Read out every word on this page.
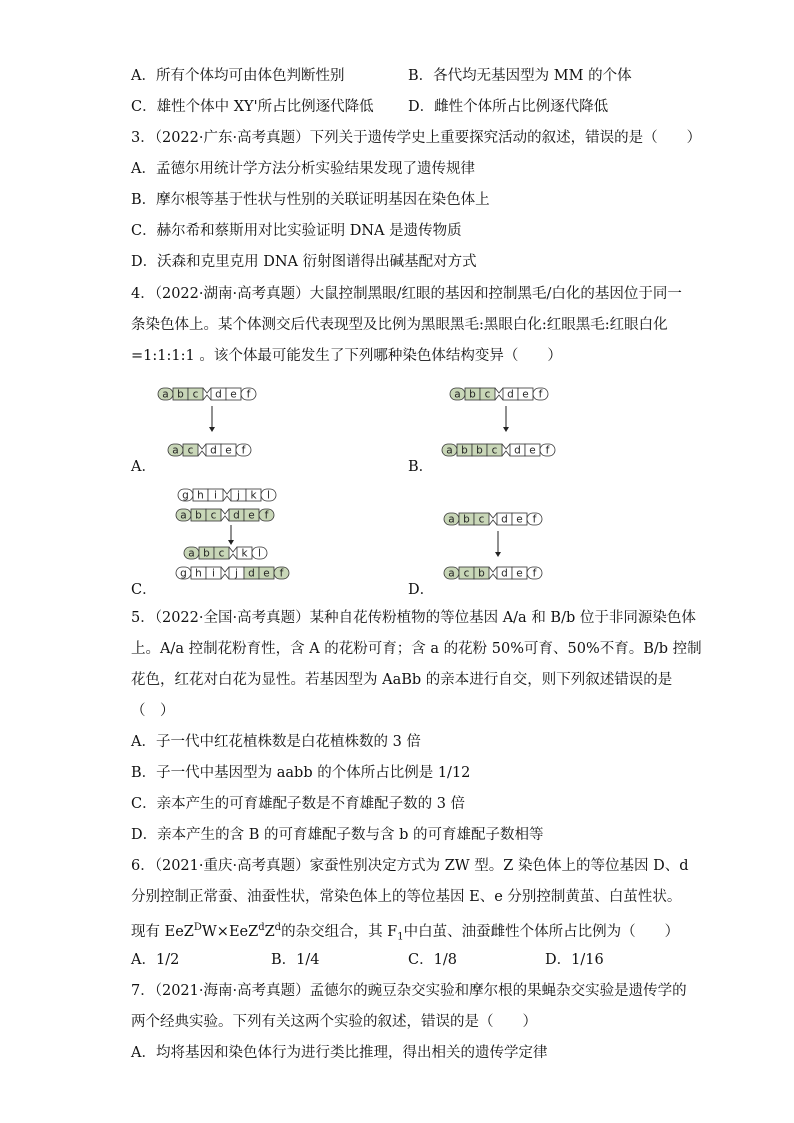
A．所有个体均可由体色判断性别	B．各代均无基因型为 MM 的个体
C．雄性个体中 XY'所占比例逐代降低 D．雌性个体所占比例逐代降低
3．（2022·广东·高考真题）下列关于遗传学史上重要探究活动的叙述，错误的是（　　）
A．孟德尔用统计学方法分析实验结果发现了遗传规律
B．摩尔根等基于性状与性别的关联证明基因在染色体上
C．赫尔希和蔡斯用对比实验证明 DNA 是遗传物质
D．沃森和克里克用 DNA 衍射图谱得出碱基配对方式
4．（2022·湖南·高考真题）大鼠控制黑眼/红眼的基因和控制黑毛/白化的基因位于同一
条染色体上。某个体测交后代表现型及比例为黑眼黑毛:黑眼白化:红眼黑毛:红眼白化
=1:1:1:1 。该个体最可能发生了下列哪种染色体结构变异（　　）
a b c d e f
a c d e f
A．
a b c d e f
a b b c d e f
B．
g h i j k l
a b c d e f
a b c k l
g h i j d e f
C．
a b c d e f
a c b d e f
D．
5．（2022·全国·高考真题）某种自花传粉植物的等位基因 A/a 和 B/b 位于非同源染色体
上。A/a 控制花粉育性，含 A 的花粉可育；含 a 的花粉 50%可育、50%不育。B/b 控制
花色，红花对白花为显性。若基因型为 AaBb 的亲本进行自交，则下列叙述错误的是
（　）
A．子一代中红花植株数是白花植株数的 3 倍
B．子一代中基因型为 aabb 的个体所占比例是 1/12
C．亲本产生的可育雄配子数是不育雄配子数的 3 倍
D．亲本产生的含 B 的可育雄配子数与含 b 的可育雄配子数相等
6．（2021·重庆·高考真题）家蚕性别决定方式为 ZW 型。Z 染色体上的等位基因 D、d
分别控制正常蚕、油蚕性状，常染色体上的等位基因 E、e 分别控制黄茧、白茧性状。
现有 $EeZ^DW\times EeZ^dZ^d$的杂交组合，其 $F_1$中白茧、油蚕雌性个体所占比例为（　　）
A．1/2	B．1/4	C．1/8	D．1/16
7．（2021·海南·高考真题）孟德尔的豌豆杂交实验和摩尔根的果蝇杂交实验是遗传学的
两个经典实验。下列有关这两个实验的叙述，错误的是（　　）
A．均将基因和染色体行为进行类比推理，得出相关的遗传学定律
